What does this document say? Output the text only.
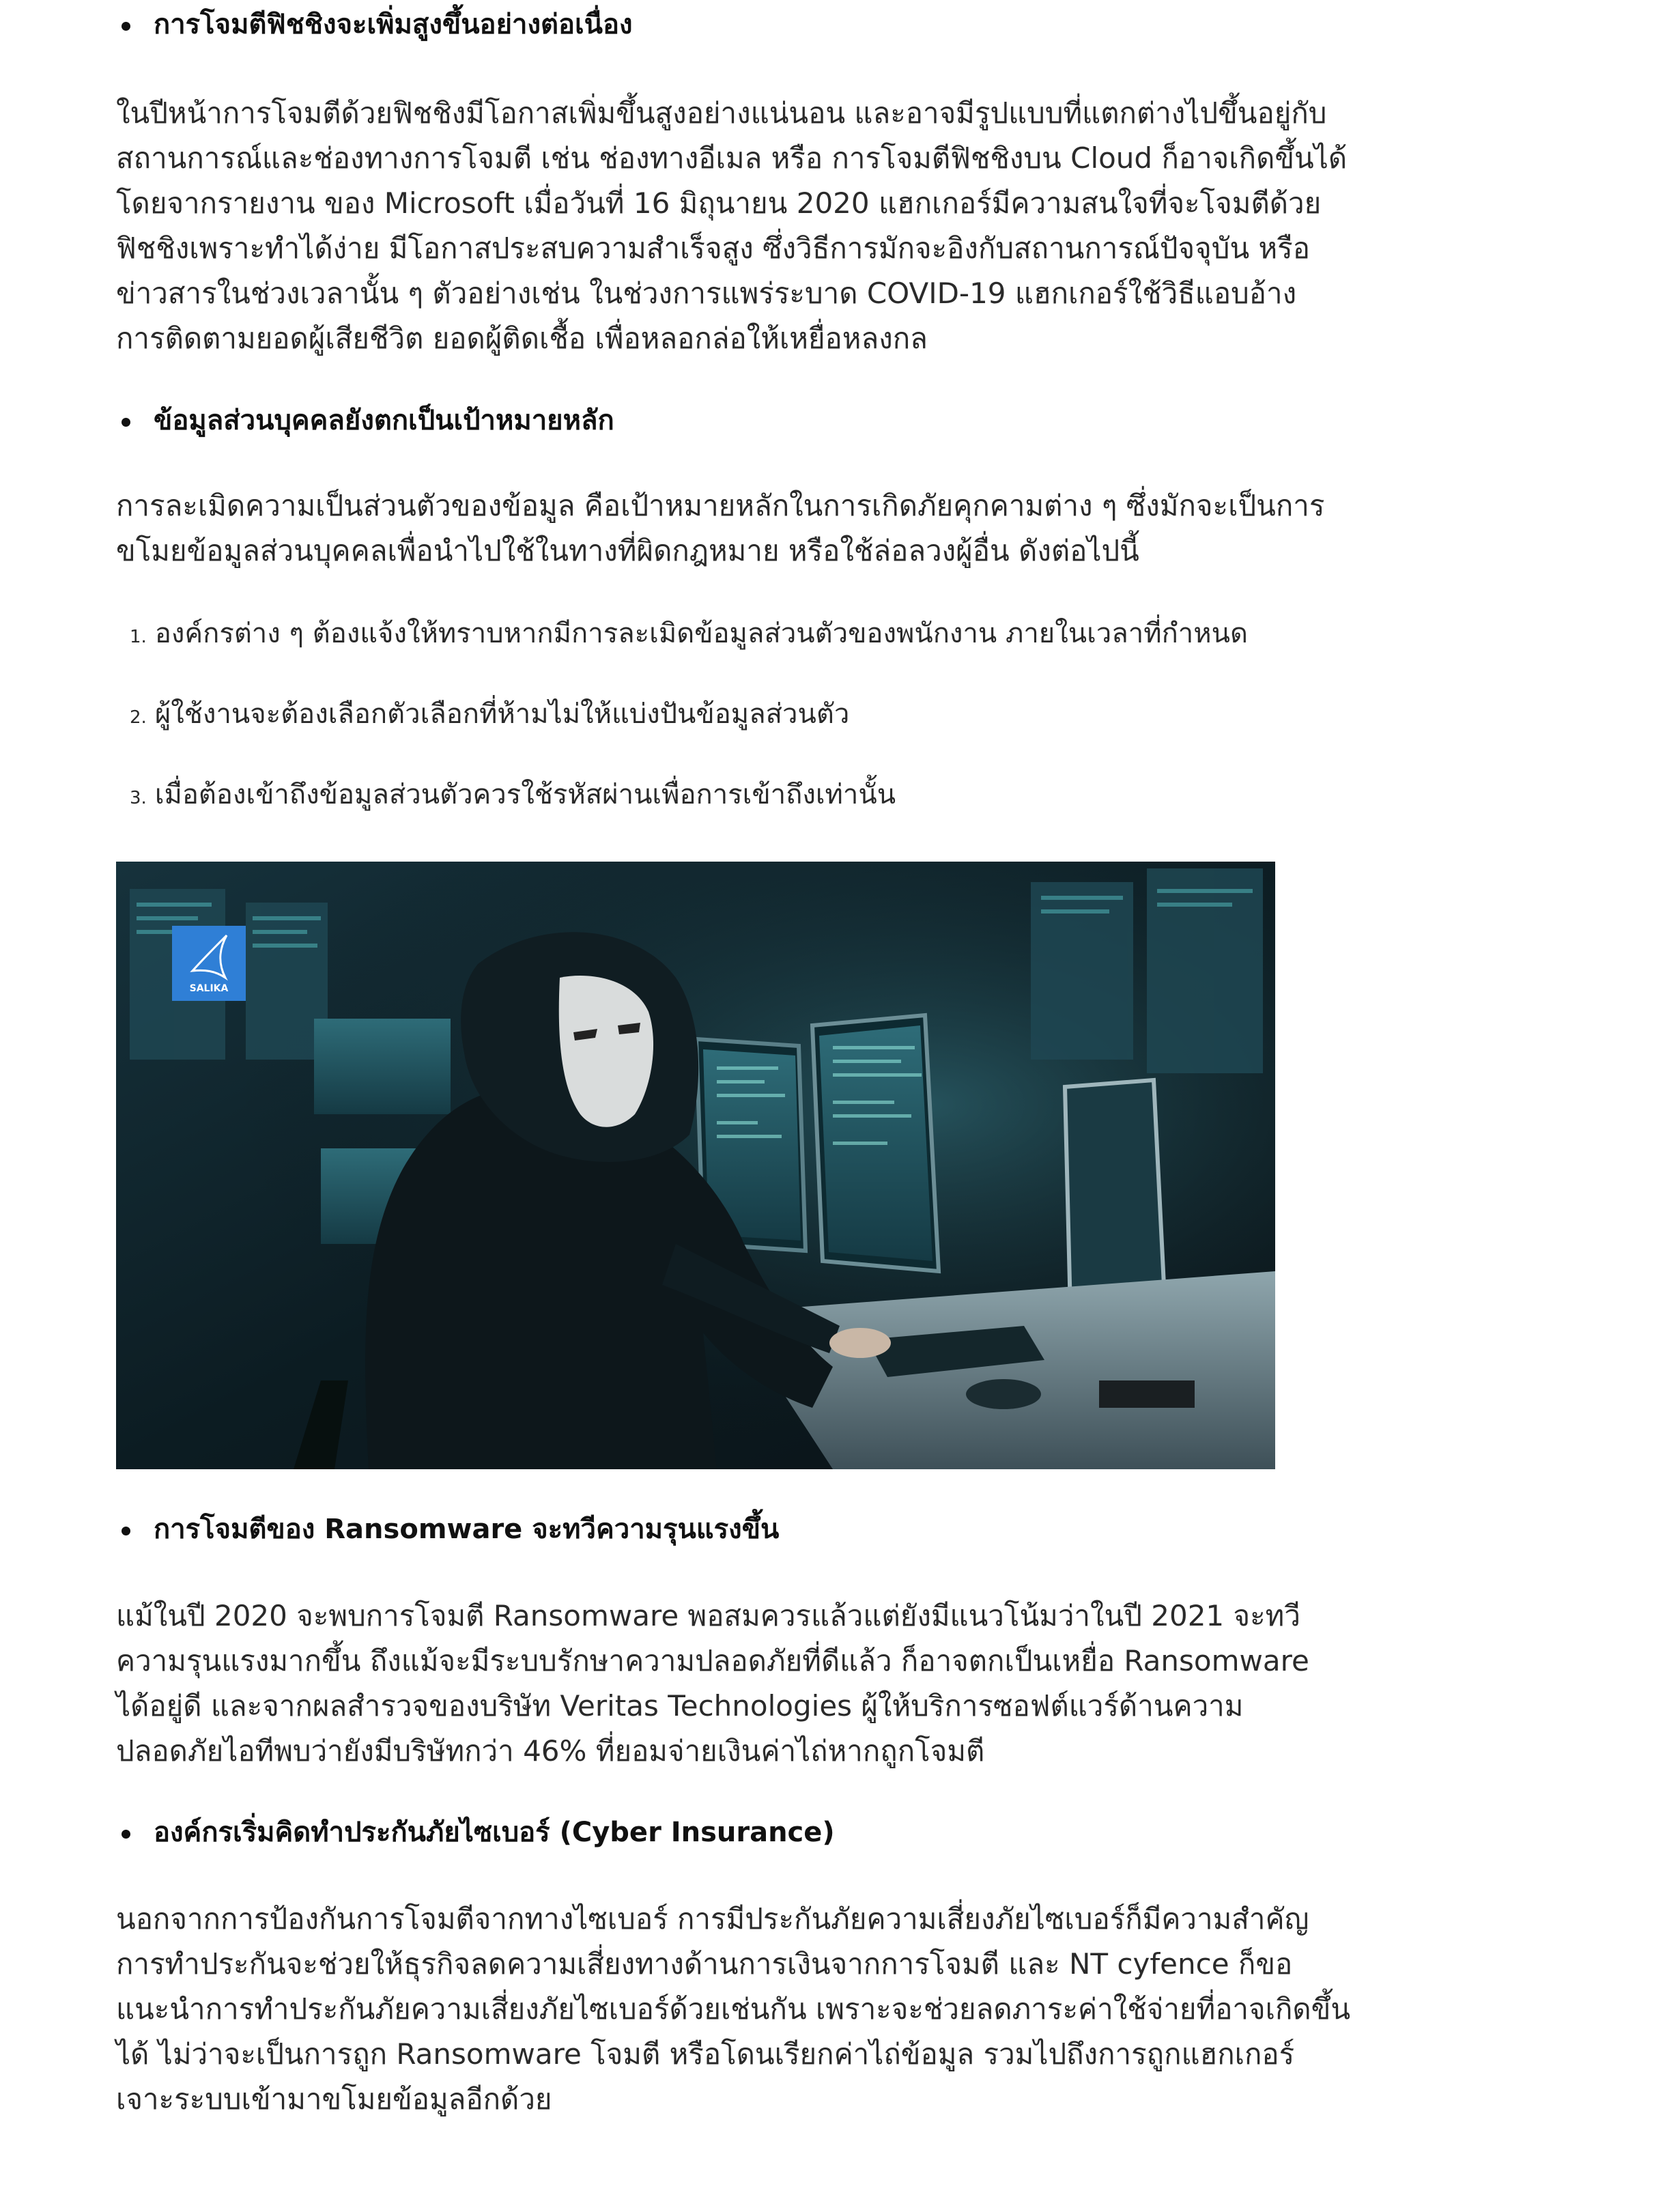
การโจมตีฟิชชิงจะเพิ่มสูงขึ้นอย่างต่อเนื่อง

ในปีหน้าการโจมตีด้วยฟิชชิงมีโอกาสเพิ่มขึ้นสูงอย่างแน่นอน และอาจมีรูปแบบที่แตกต่างไปขึ้นอยู่กับ
สถานการณ์และช่องทางการโจมตี เช่น ช่องทางอีเมล หรือ การโจมตีฟิชชิงบน Cloud ก็อาจเกิดขึ้นได้
โดยจากรายงาน ของ Microsoft เมื่อวันที่ 16 มิถุนายน 2020 แฮกเกอร์มีความสนใจที่จะโจมตีด้วย
ฟิชชิงเพราะทำได้ง่าย มีโอกาสประสบความสำเร็จสูง ซึ่งวิธีการมักจะอิงกับสถานการณ์ปัจจุบัน หรือ
ข่าวสารในช่วงเวลานั้น ๆ ตัวอย่างเช่น ในช่วงการแพร่ระบาด COVID-19 แฮกเกอร์ใช้วิธีแอบอ้าง
การติดตามยอดผู้เสียชีวิต ยอดผู้ติดเชื้อ เพื่อหลอกล่อให้เหยื่อหลงกล

ข้อมูลส่วนบุคคลยังตกเป็นเป้าหมายหลัก

การละเมิดความเป็นส่วนตัวของข้อมูล คือเป้าหมายหลักในการเกิดภัยคุกคามต่าง ๆ ซึ่งมักจะเป็นการ
ขโมยข้อมูลส่วนบุคคลเพื่อนำไปใช้ในทางที่ผิดกฎหมาย หรือใช้ล่อลวงผู้อื่น ดังต่อไปนี้

1. องค์กรต่าง ๆ ต้องแจ้งให้ทราบหากมีการละเมิดข้อมูลส่วนตัวของพนักงาน ภายในเวลาที่กำหนด
2. ผู้ใช้งานจะต้องเลือกตัวเลือกที่ห้ามไม่ให้แบ่งปันข้อมูลส่วนตัว
3. เมื่อต้องเข้าถึงข้อมูลส่วนตัวควรใช้รหัสผ่านเพื่อการเข้าถึงเท่านั้น
SALIKA
การโจมตีของ Ransomware จะทวีความรุนแรงขึ้น

แม้ในปี 2020 จะพบการโจมตี Ransomware พอสมควรแล้วแต่ยังมีแนวโน้มว่าในปี 2021 จะทวี
ความรุนแรงมากขึ้น ถึงแม้จะมีระบบรักษาความปลอดภัยที่ดีแล้ว ก็อาจตกเป็นเหยื่อ Ransomware
ได้อยู่ดี และจากผลสำรวจของบริษัท Veritas Technologies ผู้ให้บริการซอฟต์แวร์ด้านความ
ปลอดภัยไอทีพบว่ายังมีบริษัทกว่า 46% ที่ยอมจ่ายเงินค่าไถ่หากถูกโจมตี

องค์กรเริ่มคิดทำประกันภัยไซเบอร์ (Cyber Insurance)

นอกจากการป้องกันการโจมตีจากทางไซเบอร์ การมีประกันภัยความเสี่ยงภัยไซเบอร์ก็มีความสำคัญ
การทำประกันจะช่วยให้ธุรกิจลดความเสี่ยงทางด้านการเงินจากการโจมตี และ NT cyfence ก็ขอ
แนะนำการทำประกันภัยความเสี่ยงภัยไซเบอร์ด้วยเช่นกัน เพราะจะช่วยลดภาระค่าใช้จ่ายที่อาจเกิดขึ้น
ได้ ไม่ว่าจะเป็นการถูก Ransomware โจมตี หรือโดนเรียกค่าไถ่ข้อมูล รวมไปถึงการถูกแฮกเกอร์
เจาะระบบเข้ามาขโมยข้อมูลอีกด้วย
